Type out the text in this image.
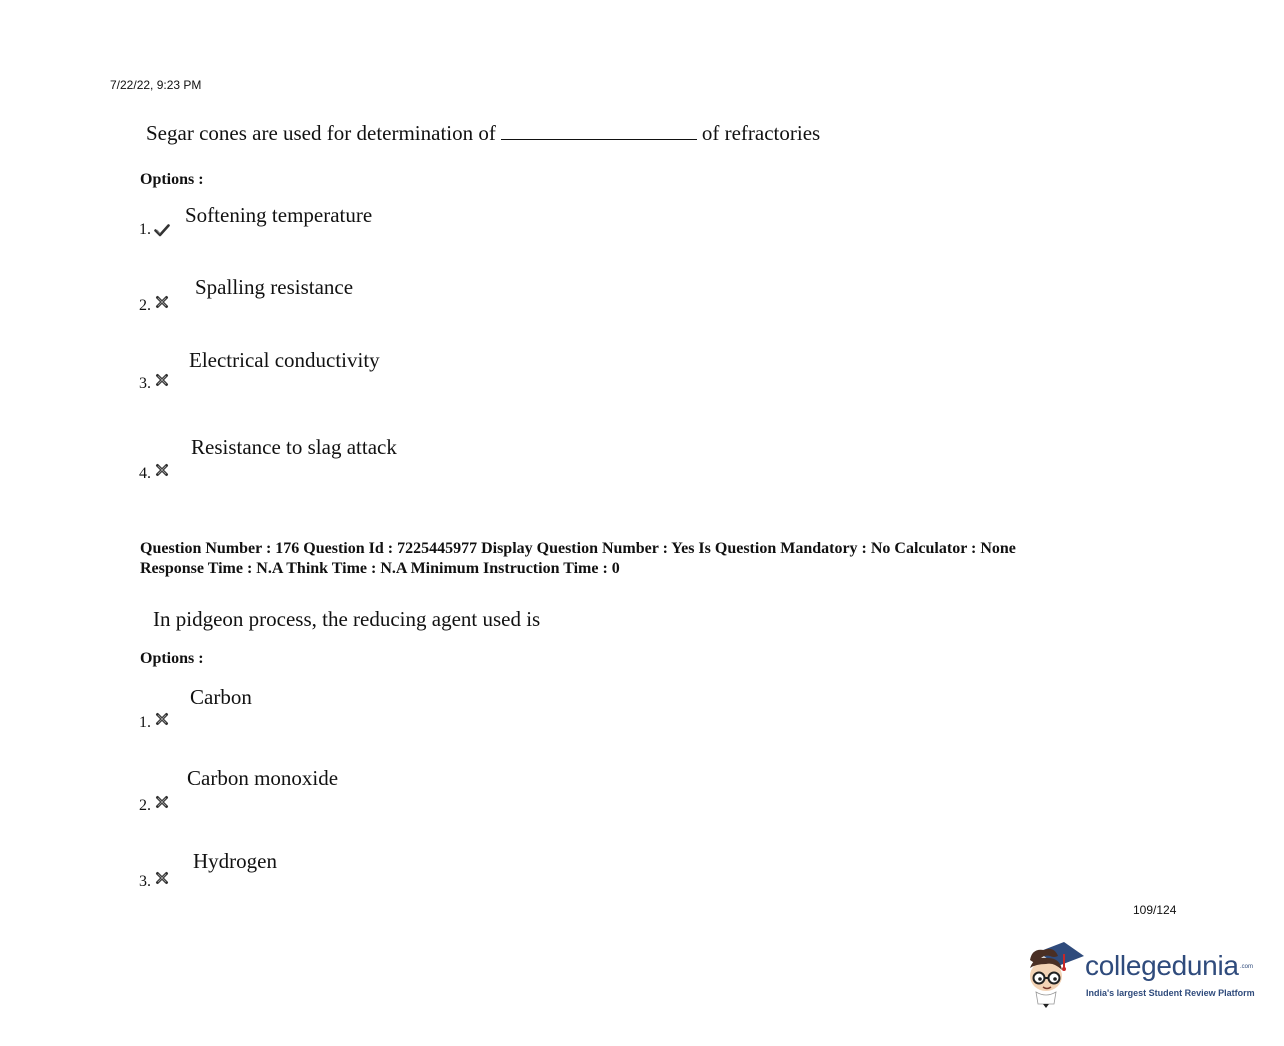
7/22/22, 9:23 PM
Segar cones are used for determination of	of refractories
Options :
1.
Softening temperature
2.
Spalling resistance
3.
Electrical conductivity
4.
Resistance to slag attack
Question Number : 176 Question Id : 7225445977 Display Question Number : Yes Is Question Mandatory : No Calculator : None
Response Time : N.A Think Time : N.A Minimum Instruction Time : 0
In pidgeon process, the reducing agent used is
Options :
1.
Carbon
2.
Carbon monoxide
3.
Hydrogen
109/124
collegedunia .com
India's largest Student Review Platform
